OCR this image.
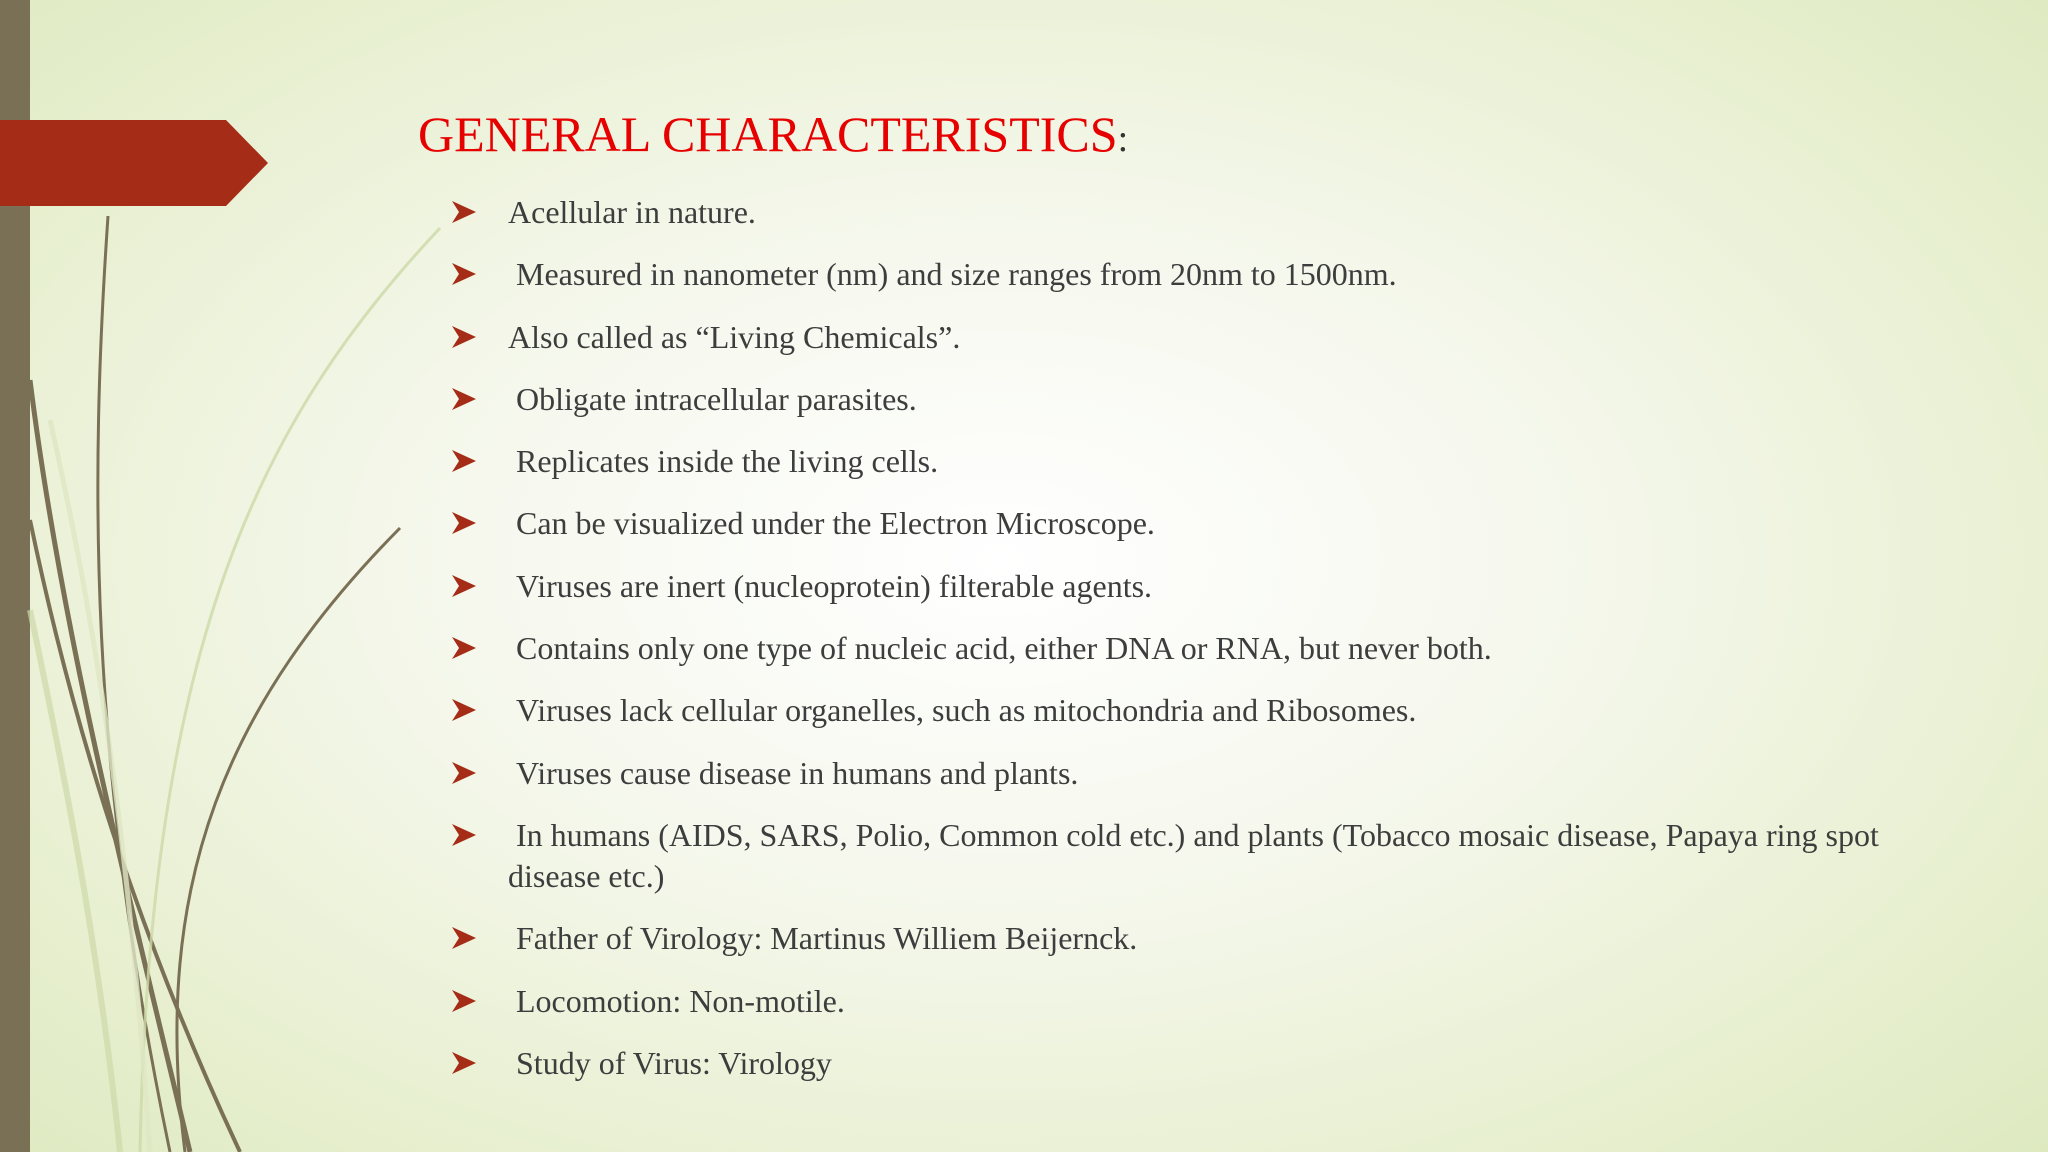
GENERAL CHARACTERISTICS:
Acellular in nature.
Measured in nanometer (nm) and size ranges from 20nm to 1500nm.
Also called as “Living Chemicals”.
Obligate intracellular parasites.
Replicates inside the living cells.
Can be visualized under the Electron Microscope.
Viruses are inert (nucleoprotein) filterable agents.
Contains only one type of nucleic acid, either DNA or RNA, but never both.
Viruses lack cellular organelles, such as mitochondria and Ribosomes.
Viruses cause disease in humans and plants.
In humans (AIDS, SARS, Polio, Common cold etc.) and plants (Tobacco mosaic disease, Papaya ring spot disease etc.)
Father of Virology: Martinus Williem Beijernck.
Locomotion: Non-motile.
Study of Virus: Virology
